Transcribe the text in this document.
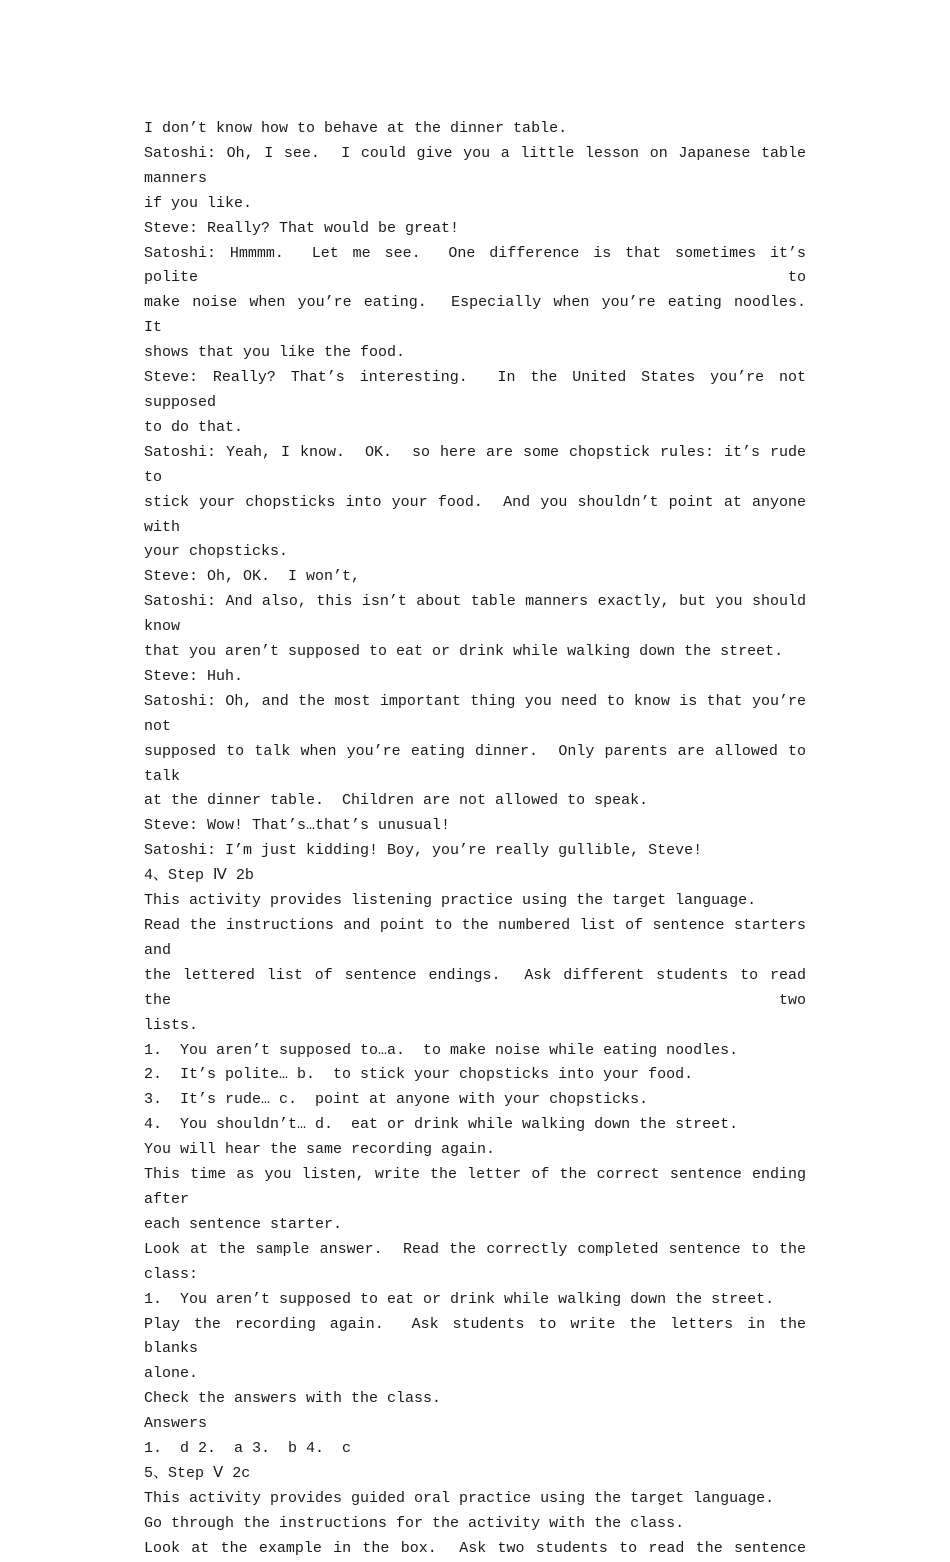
I don’t know how to behave at the dinner table.

Satoshi: Oh, I see.  I could give you a little lesson on Japanese table manners

if you like.

Steve: Really? That would be great!

Satoshi: Hmmmm.  Let me see.  One difference is that sometimes it’s polite to

make noise when you’re eating.  Especially when you’re eating noodles.  It

shows that you like the food.

Steve: Really? That’s interesting.  In the United States you’re not supposed

to do that.

Satoshi: Yeah, I know.  OK.  so here are some chopstick rules: it’s rude to

stick your chopsticks into your food.  And you shouldn’t point at anyone with

your chopsticks.

Steve: Oh, OK.  I won’t,

Satoshi: And also, this isn’t about table manners exactly, but you should know

that you aren’t supposed to eat or drink while walking down the street.

Steve: Huh.

Satoshi: Oh, and the most important thing you need to know is that you’re not

supposed to talk when you’re eating dinner.  Only parents are allowed to talk

at the dinner table.  Children are not allowed to speak.

Steve: Wow! That’s…that’s unusual!

Satoshi: I’m just kidding! Boy, you’re really gullible, Steve!

4、Step Ⅳ 2b

This activity provides listening practice using the target language.

Read the instructions and point to the numbered list of sentence starters and

the lettered list of sentence endings.  Ask different students to read the two

lists.

1.  You aren’t supposed to…a.  to make noise while eating noodles.

2.  It’s polite… b.  to stick your chopsticks into your food.

3.  It’s rude… c.  point at anyone with your chopsticks.

4.  You shouldn’t… d.  eat or drink while walking down the street.

You will hear the same recording again.

This time as you listen, write the letter of the correct sentence ending after

each sentence starter.

Look at the sample answer.  Read the correctly completed sentence to the class:

1.  You aren’t supposed to eat or drink while walking down the street.

Play the recording again.  Ask students to write the letters in the blanks

alone.

Check the answers with the class.

Answers

1.  d 2.  a 3.  b 4.  c

5、Step Ⅴ 2c

This activity provides guided oral practice using the target language.

Go through the instructions for the activity with the class.

Look at the example in the box.  Ask two students to read the sentence
